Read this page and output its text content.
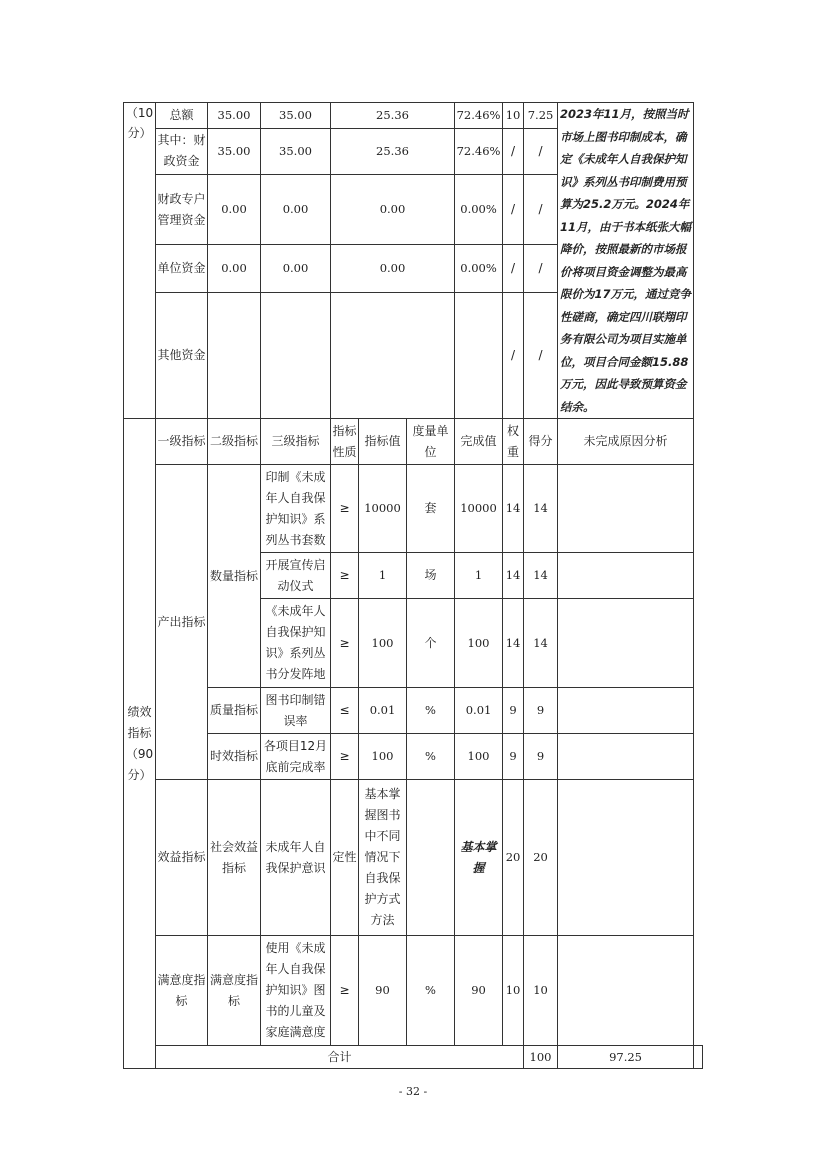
（10分）	总额	35.00	35.00	25.36			72.46%	10	7.25	2023年11月，按照当时市场上图书印制成本，确定《未成年人自我保护知识》系列丛书印制费用预算为25.2万元。2024年11月，由于书本纸张大幅降价，按照最新的市场报价将项目资金调整为最高限价为17万元，通过竞争性磋商，确定四川联翔印务有限公司为项目实施单位，项目合同金额15.88万元，因此导致预算资金结余。	
	其中：财政资金	35.00	35.00	25.36			72.46%	/	/		
	财政专户管理资金	0.00	0.00	0.00			0.00%	/	/		
	单位资金	0.00	0.00	0.00			0.00%	/	/		
	其他资金							/	/		
绩效指标（90分）	一级指标	二级指标	三级指标	指标性质	指标值	度量单位	完成值	权重	得分	未完成原因分析	
	产出指标	数量指标	印制《未成年人自我保护知识》系列丛书套数	≥	10000	套	10000	14	14		
			开展宣传启动仪式	≥	1	场	1	14	14		
			《未成年人自我保护知识》系列丛书分发阵地	≥	100	个	100	14	14		
		质量指标	图书印制错误率	≤	0.01	%	0.01	9	9		
		时效指标	各项目12月底前完成率	≥	100	%	100	9	9		
	效益指标	社会效益指标	未成年人自我保护意识	定性	基本掌握图书中不同情况下自我保护方式方法		基本掌握	20	20		
	满意度指标	满意度指标	使用《未成年人自我保护知识》图书的儿童及家庭满意度	≥	90	%	90	10	10		
	合计								100	97.25	
- 32 -
